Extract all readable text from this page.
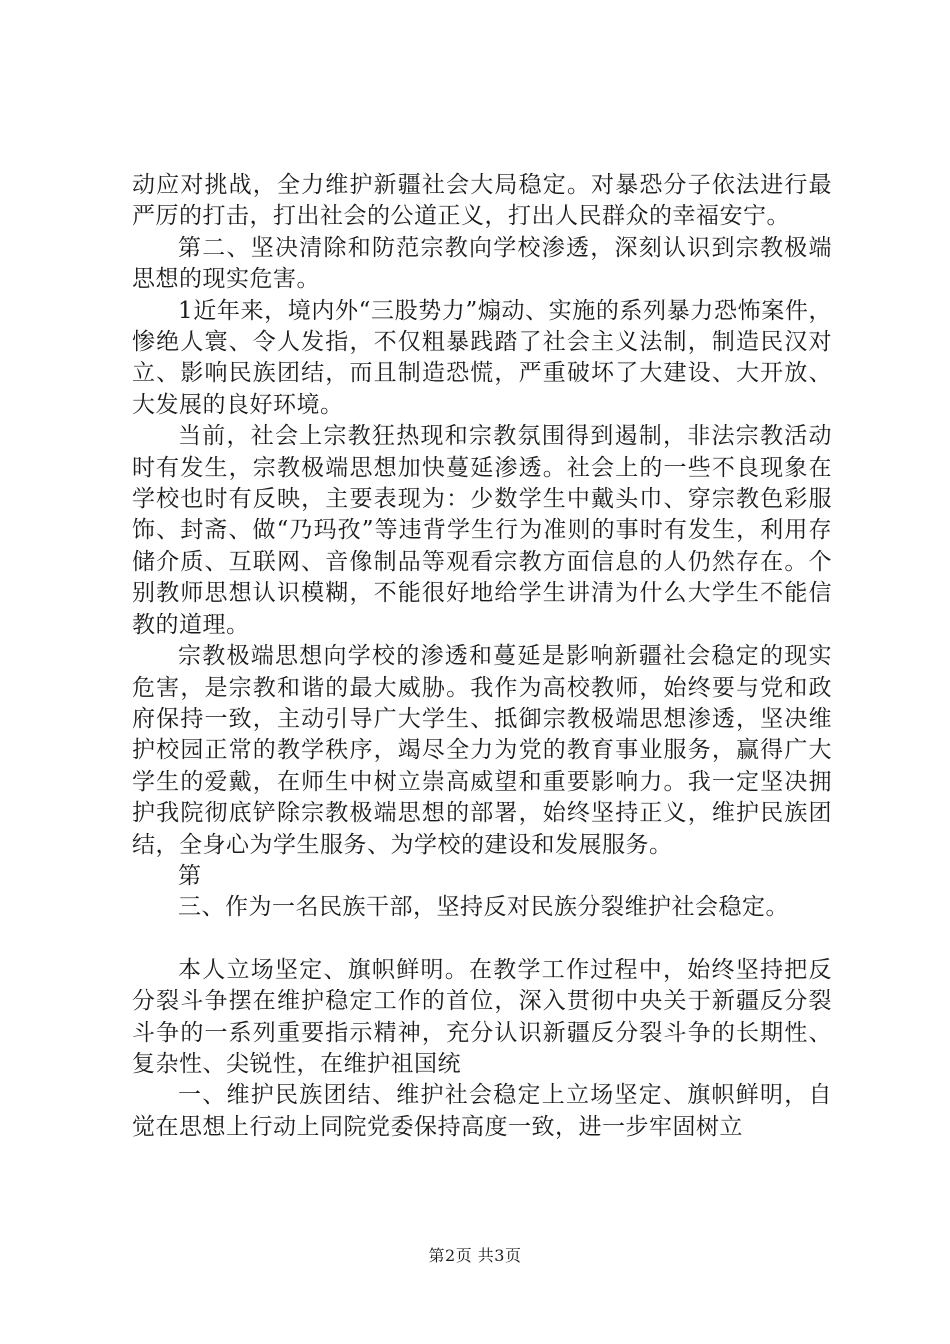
动应对挑战，全力维护新疆社会大局稳定。对暴恐分子依法进行最严厉的打击，打出社会的公道正义，打出人民群众的幸福安宁。

第二、坚决清除和防范宗教向学校渗透，深刻认识到宗教极端思想的现实危害。

1近年来，境内外“三股势力”煽动、实施的系列暴力恐怖案件，惨绝人寰、令人发指，不仅粗暴践踏了社会主义法制，制造民汉对立、影响民族团结，而且制造恐慌，严重破坏了大建设、大开放、大发展的良好环境。

当前，社会上宗教狂热现和宗教氛围得到遏制，非法宗教活动时有发生，宗教极端思想加快蔓延渗透。社会上的一些不良现象在学校也时有反映，主要表现为：少数学生中戴头巾、穿宗教色彩服饰、封斋、做“乃玛孜”等违背学生行为准则的事时有发生，利用存储介质、互联网、音像制品等观看宗教方面信息的人仍然存在。个别教师思想认识模糊，不能很好地给学生讲清为什么大学生不能信教的道理。

宗教极端思想向学校的渗透和蔓延是影响新疆社会稳定的现实危害，是宗教和谐的最大威胁。我作为高校教师，始终要与党和政府保持一致，主动引导广大学生、抵御宗教极端思想渗透，坚决维护校园正常的教学秩序，竭尽全力为党的教育事业服务，赢得广大学生的爱戴，在师生中树立崇高威望和重要影响力。我一定坚决拥护我院彻底铲除宗教极端思想的部署，始终坚持正义，维护民族团结，全身心为学生服务、为学校的建设和发展服务。

第

三、作为一名民族干部，坚持反对民族分裂维护社会稳定。

本人立场坚定、旗帜鲜明。在教学工作过程中，始终坚持把反分裂斗争摆在维护稳定工作的首位，深入贯彻中央关于新疆反分裂斗争的一系列重要指示精神，充分认识新疆反分裂斗争的长期性、复杂性、尖锐性，在维护祖国统

一、维护民族团结、维护社会稳定上立场坚定、旗帜鲜明，自觉在思想上行动上同院党委保持高度一致，进一步牢固树立

第2页 共3页
